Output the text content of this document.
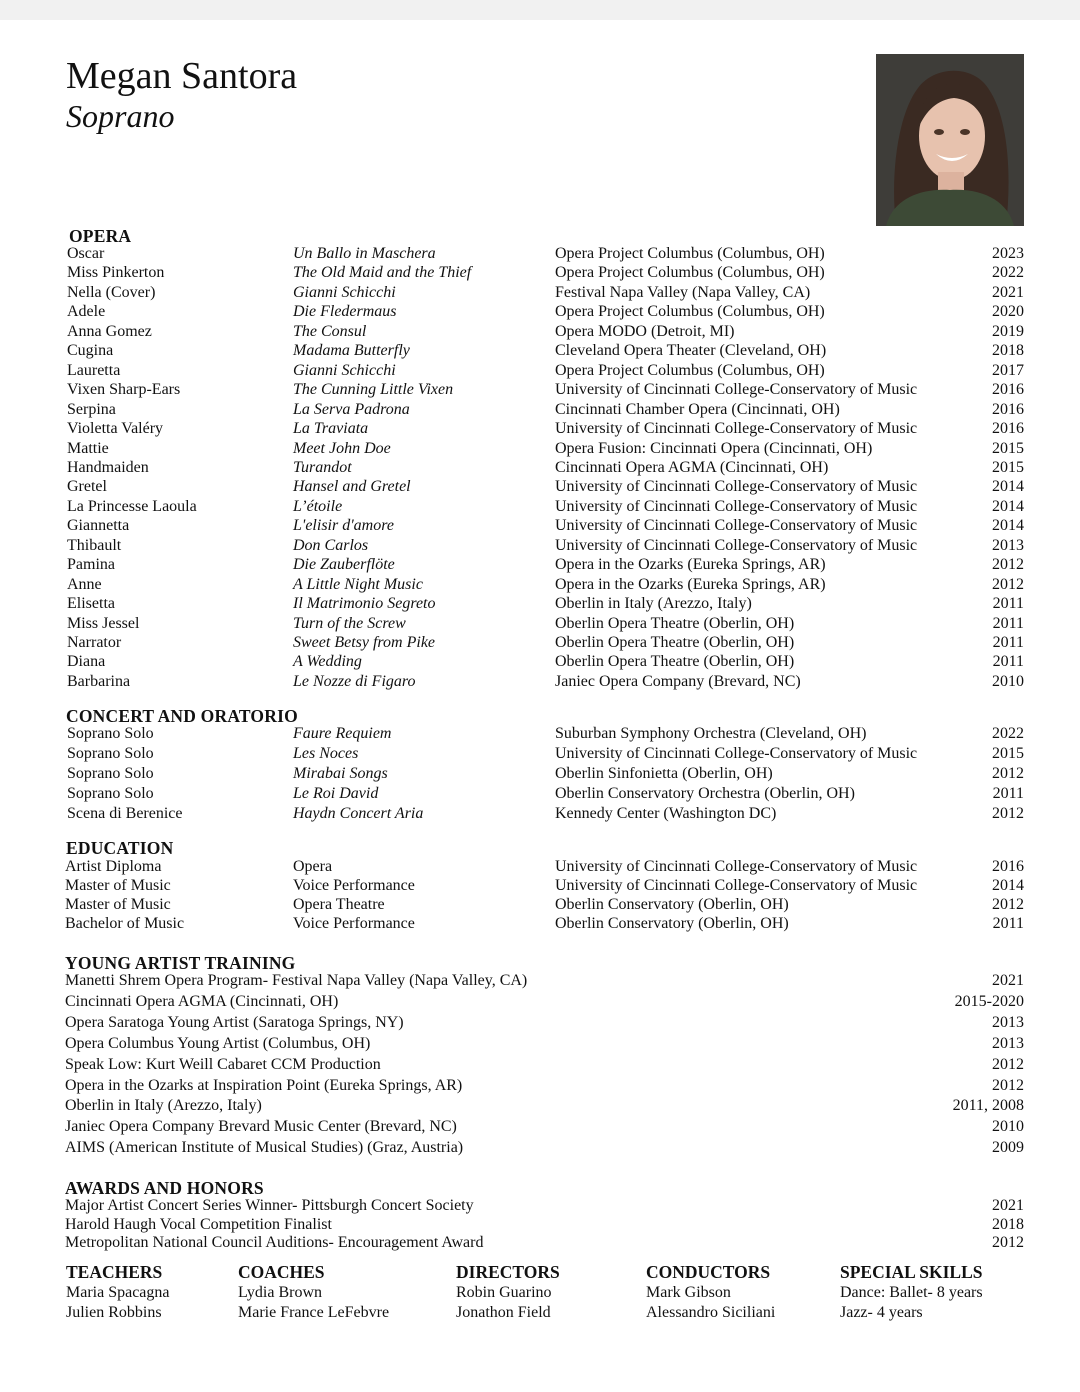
Megan Santora
Soprano
OPERA
Oscar	Un Ballo in Maschera	Opera Project Columbus (Columbus, OH)	2023
Miss Pinkerton	The Old Maid and the Thief	Opera Project Columbus (Columbus, OH)	2022
Nella (Cover)	Gianni Schicchi	Festival Napa Valley (Napa Valley, CA)	2021
Adele	Die Fledermaus	Opera Project Columbus (Columbus, OH)	2020
Anna Gomez	The Consul	Opera MODO (Detroit, MI)	2019
Cugina	Madama Butterfly	Cleveland Opera Theater (Cleveland, OH)	2018
Lauretta	Gianni Schicchi	Opera Project Columbus (Columbus, OH)	2017
Vixen Sharp-Ears	The Cunning Little Vixen	University of Cincinnati College-Conservatory of Music	2016
Serpina	La Serva Padrona	Cincinnati Chamber Opera (Cincinnati, OH)	2016
Violetta Valéry	La Traviata	University of Cincinnati College-Conservatory of Music	2016
Mattie	Meet John Doe	Opera Fusion: Cincinnati Opera (Cincinnati, OH)	2015
Handmaiden	Turandot	Cincinnati Opera AGMA (Cincinnati, OH)	2015
Gretel	Hansel and Gretel	University of Cincinnati College-Conservatory of Music	2014
La Princesse Laoula	L’étoile	University of Cincinnati College-Conservatory of Music	2014
Giannetta	L'elisir d'amore	University of Cincinnati College-Conservatory of Music	2014
Thibault	Don Carlos	University of Cincinnati College-Conservatory of Music	2013
Pamina	Die Zauberflöte	Opera in the Ozarks (Eureka Springs, AR)	2012
Anne	A Little Night Music	Opera in the Ozarks (Eureka Springs, AR)	2012
Elisetta	Il Matrimonio Segreto	Oberlin in Italy (Arezzo, Italy)	2011
Miss Jessel	Turn of the Screw	Oberlin Opera Theatre (Oberlin, OH)	2011
Narrator	Sweet Betsy from Pike	Oberlin Opera Theatre (Oberlin, OH)	2011
Diana	A Wedding	Oberlin Opera Theatre (Oberlin, OH)	2011
Barbarina	Le Nozze di Figaro	Janiec Opera Company (Brevard, NC)	2010
CONCERT AND ORATORIO
Soprano Solo	Faure Requiem	Suburban Symphony Orchestra (Cleveland, OH)	2022
Soprano Solo	Les Noces	University of Cincinnati College-Conservatory of Music	2015
Soprano Solo	Mirabai Songs	Oberlin Sinfonietta (Oberlin, OH)	2012
Soprano Solo	Le Roi David	Oberlin Conservatory Orchestra (Oberlin, OH)	2011
Scena di Berenice	Haydn Concert Aria	Kennedy Center (Washington DC)	2012
EDUCATION
Artist Diploma	Opera	University of Cincinnati College-Conservatory of Music	2016
Master of Music	Voice Performance	University of Cincinnati College-Conservatory of Music	2014
Master of Music	Opera Theatre	Oberlin Conservatory (Oberlin, OH)	2012
Bachelor of Music	Voice Performance	Oberlin Conservatory (Oberlin, OH)	2011
YOUNG ARTIST TRAINING
Manetti Shrem Opera Program- Festival Napa Valley (Napa Valley, CA)	2021
Cincinnati Opera AGMA (Cincinnati, OH)	2015-2020
Opera Saratoga Young Artist (Saratoga Springs, NY)	2013
Opera Columbus Young Artist (Columbus, OH)	2013
Speak Low: Kurt Weill Cabaret CCM Production	2012
Opera in the Ozarks at Inspiration Point (Eureka Springs, AR)	2012
Oberlin in Italy (Arezzo, Italy)	2011, 2008
Janiec Opera Company Brevard Music Center (Brevard, NC)	2010
AIMS (American Institute of Musical Studies) (Graz, Austria)	2009
AWARDS AND HONORS
Major Artist Concert Series Winner- Pittsburgh Concert Society	2021
Harold Haugh Vocal Competition Finalist	2018
Metropolitan National Council Auditions- Encouragement Award	2012
TEACHERS
Maria Spacagna
Julien Robbins
COACHES
Lydia Brown
Marie France LeFebvre
DIRECTORS
Robin Guarino
Jonathon Field
CONDUCTORS
Mark Gibson
Alessandro Siciliani
SPECIAL SKILLS
Dance: Ballet- 8 years
Jazz- 4 years
